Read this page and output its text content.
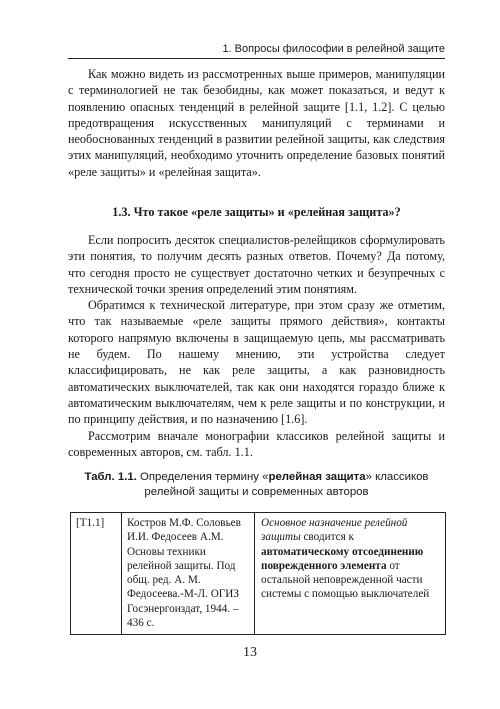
1. Вопросы философии в релейной защите

Как можно видеть из рассмотренных выше примеров, манипуляции с терминологией не так безобидны, как может показаться, и ведут к появлению опасных тенденций в релейной защите [1.1, 1.2]. С целью предотвращения искусственных манипуляций с терминами и необоснованных тенденций в развитии релейной защиты, как следствия этих манипуляций, необходимо уточнить определение базовых понятий «реле защиты» и «релейная защита».

1.3. Что такое «реле защиты» и «релейная защита»?

Если попросить десяток специалистов-релейщиков сформулировать эти понятия, то получим десять разных ответов. Почему? Да потому, что сегодня просто не существует достаточно четких и безупречных с технической точки зрения определений этим понятиям.

Обратимся к технической литературе, при этом сразу же отметим, что так называемые «реле защиты прямого действия», контакты которого напрямую включены в защищаемую цепь, мы рассматривать не будем. По нашему мнению, эти устройства следует классифицировать, не как реле защиты, а как разновидность автоматических выключателей, так как они находятся гораздо ближе к автоматическим выключателям, чем к реле защиты и по конструкции, и по принципу действия, и по назначению [1.6].

Рассмотрим вначале монографии классиков релейной защиты и современных авторов, см. табл. 1.1.

Табл. 1.1. Определения термину «релейная защита» классиков релейной защиты и современных авторов
[Т1.1]	Костров М.Ф. Соловьев И.И. Федосеев А.М. Основы техники релейной защиты. Под общ. ред. А. М. Федосеева.-М-Л. ОГИЗ Госэнергоиздат, 1944. – 436 с.	Основное назначение релейной защиты сводится к автоматическому отсоединению поврежденного элемента от остальной неповрежденной части системы с помощью выключателей
13
